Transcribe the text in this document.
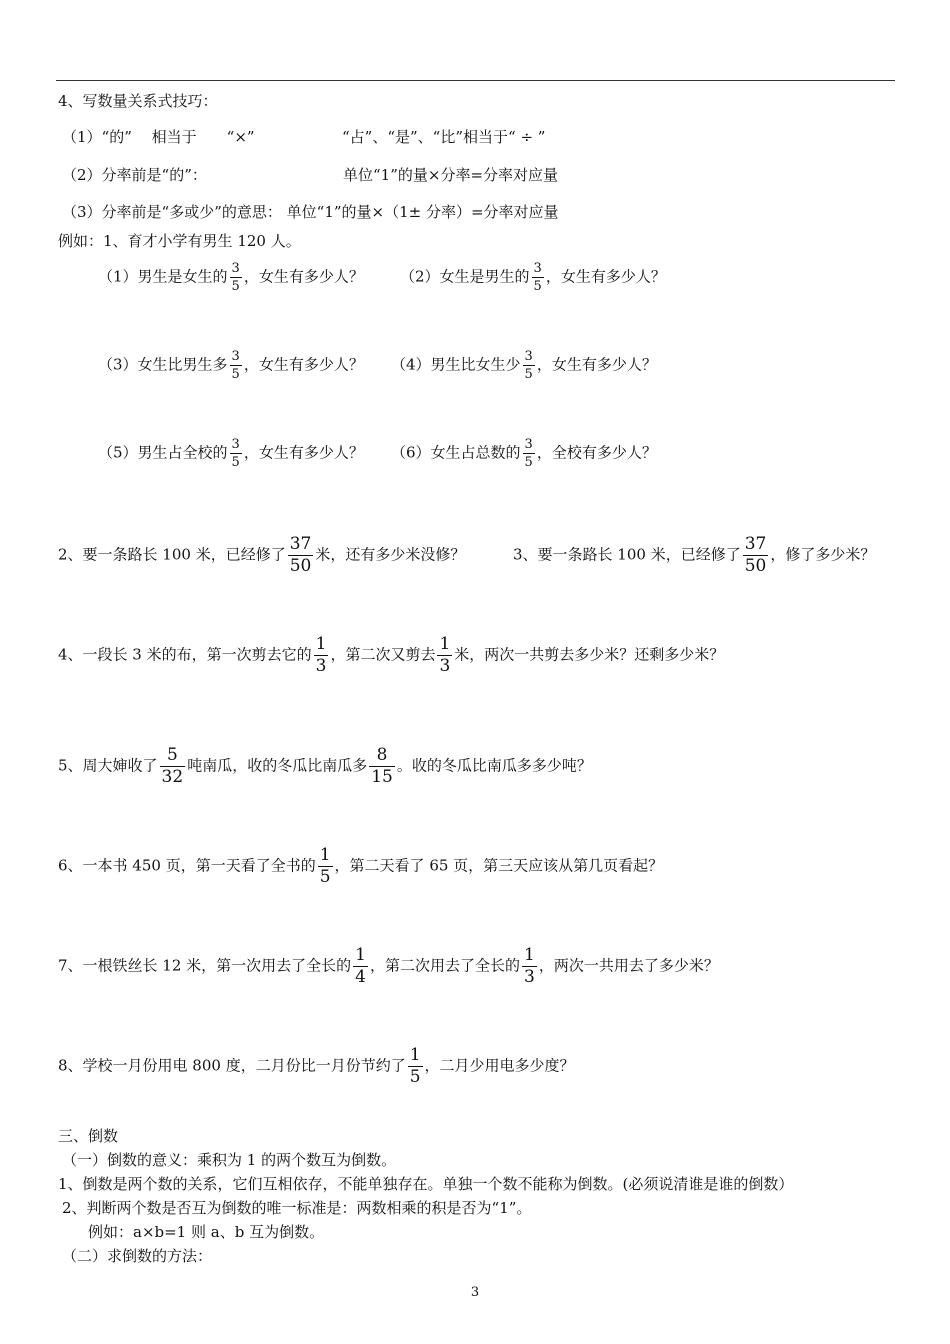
4、写数量关系式技巧：
（1）“的”　 相当于　　“×”	“占”、“是”、“比”相当于“ ÷ ”
（2）分率前是“的”：	单位“1”的量×分率=分率对应量
（3）分率前是“多或少”的意思： 单位“1”的量×（1± 分率）=分率对应量
例如：1、育才小学有男生 120 人。
（1）男生是女生的 $\frac{3}{5}$ ，女生有多少人？ （2）女生是男生的 $\frac{3}{5}$ ，女生有多少人？
（3）女生比男生多 $\frac{3}{5}$ ，女生有多少人？ （4）男生比女生少 $\frac{3}{5}$ ，女生有多少人？
（5）男生占全校的 $\frac{3}{5}$ ，女生有多少人？ （6）女生占总数的 $\frac{3}{5}$ ，全校有多少人？
2、要一条路长 100 米，已经修了 $\frac{37}{50}$ 米，还有多少米没修？	3、要一条路长 100 米，已经修了 $\frac{37}{50}$ ，修了多少米？
4、一段长 3 米的布，第一次剪去它的 $\frac{1}{3}$ ，第二次又剪去 $\frac{1}{3}$ 米，两次一共剪去多少米？还剩多少米？
5、周大婶收了 $\frac{5}{32}$ 吨南瓜，收的冬瓜比南瓜多 $\frac{8}{15}$ 。收的冬瓜比南瓜多多少吨？
6、一本书 450 页，第一天看了全书的 $\frac{1}{5}$ ，第二天看了 65 页，第三天应该从第几页看起？
7、一根铁丝长 12 米，第一次用去了全长的 $\frac{1}{4}$ ，第二次用去了全长的 $\frac{1}{3}$ ，两次一共用去了多少米？
8、学校一月份用电 800 度，二月份比一月份节约了 $\frac{1}{5}$ ，二月少用电多少度？
三、倒数
（一）倒数的意义：乘积为 1 的两个数互为倒数。
1、倒数是两个数的关系，它们互相依存，不能单独存在。单独一个数不能称为倒数。(必须说清谁是谁的倒数）
2、判断两个数是否互为倒数的唯一标准是：两数相乘的积是否为“1”。
例如：a×b=1 则 a、b 互为倒数。
（二）求倒数的方法：
3
